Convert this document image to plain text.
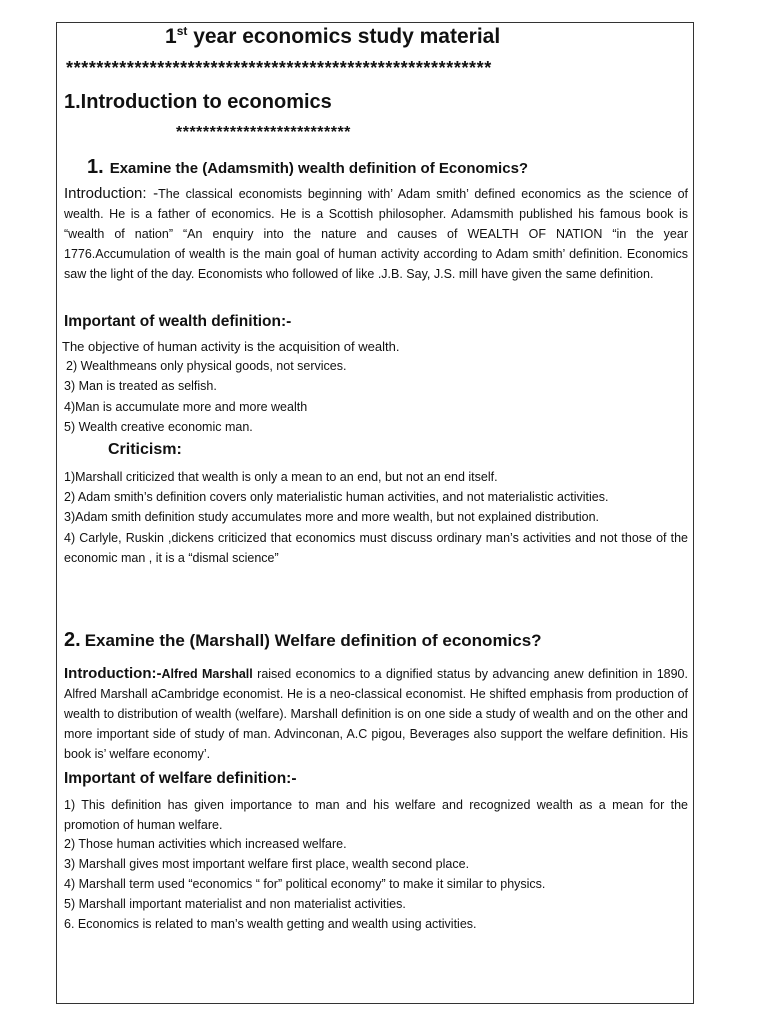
1st year economics study material
********************************************************
1.Introduction to economics
**************************
1. Examine the (Adamsmith) wealth definition of Economics?
Introduction: -The classical economists beginning with’ Adam smith’ defined economics as the science of wealth. He is a father of economics. He is a Scottish philosopher. Adamsmith published his famous book is “wealth of nation” “An enquiry into the nature and causes of WEALTH OF NATION “in the year 1776.Accumulation of wealth is the main goal of human activity according to Adam smith’ definition. Economics saw the light of the day. Economists who followed of like .J.B. Say, J.S. mill have given the same definition.
Important of wealth definition:-
The objective of human activity is the acquisition of wealth.
2) Wealthmeans only physical goods, not services.
3) Man is treated as selfish.
4)Man is accumulate more and more wealth
5) Wealth creative economic man.
Criticism:
1)Marshall criticized that wealth is only a mean to an end, but not an end itself.
2) Adam smith’s definition covers only materialistic human activities, and not materialistic activities.
3)Adam smith definition study accumulates more and more wealth, but not explained distribution.
4) Carlyle, Ruskin ,dickens criticized that economics must discuss ordinary man’s activities and not those of the economic man , it is a “dismal science”
2. Examine the (Marshall) Welfare definition of economics?
Introduction:-Alfred Marshall raised economics to a dignified status by advancing anew definition in 1890. Alfred Marshall aCambridge economist. He is a neo-classical economist. He shifted emphasis from production of wealth to distribution of wealth (welfare). Marshall definition is on one side a study of wealth and on the other and more important side of study of man. Advinconan, A.C pigou, Beverages also support the welfare definition. His book is’ welfare economy’.
Important of welfare definition:-
1) This definition has given importance to man and his welfare and recognized wealth as a mean for the promotion of human welfare.
2) Those human activities which increased welfare.
3) Marshall gives most important welfare first place, wealth second place.
4) Marshall term used “economics “ for” political economy” to make it similar to physics.
5) Marshall important materialist and non materialist activities.
6. Economics is related to man’s wealth getting and wealth using activities.
